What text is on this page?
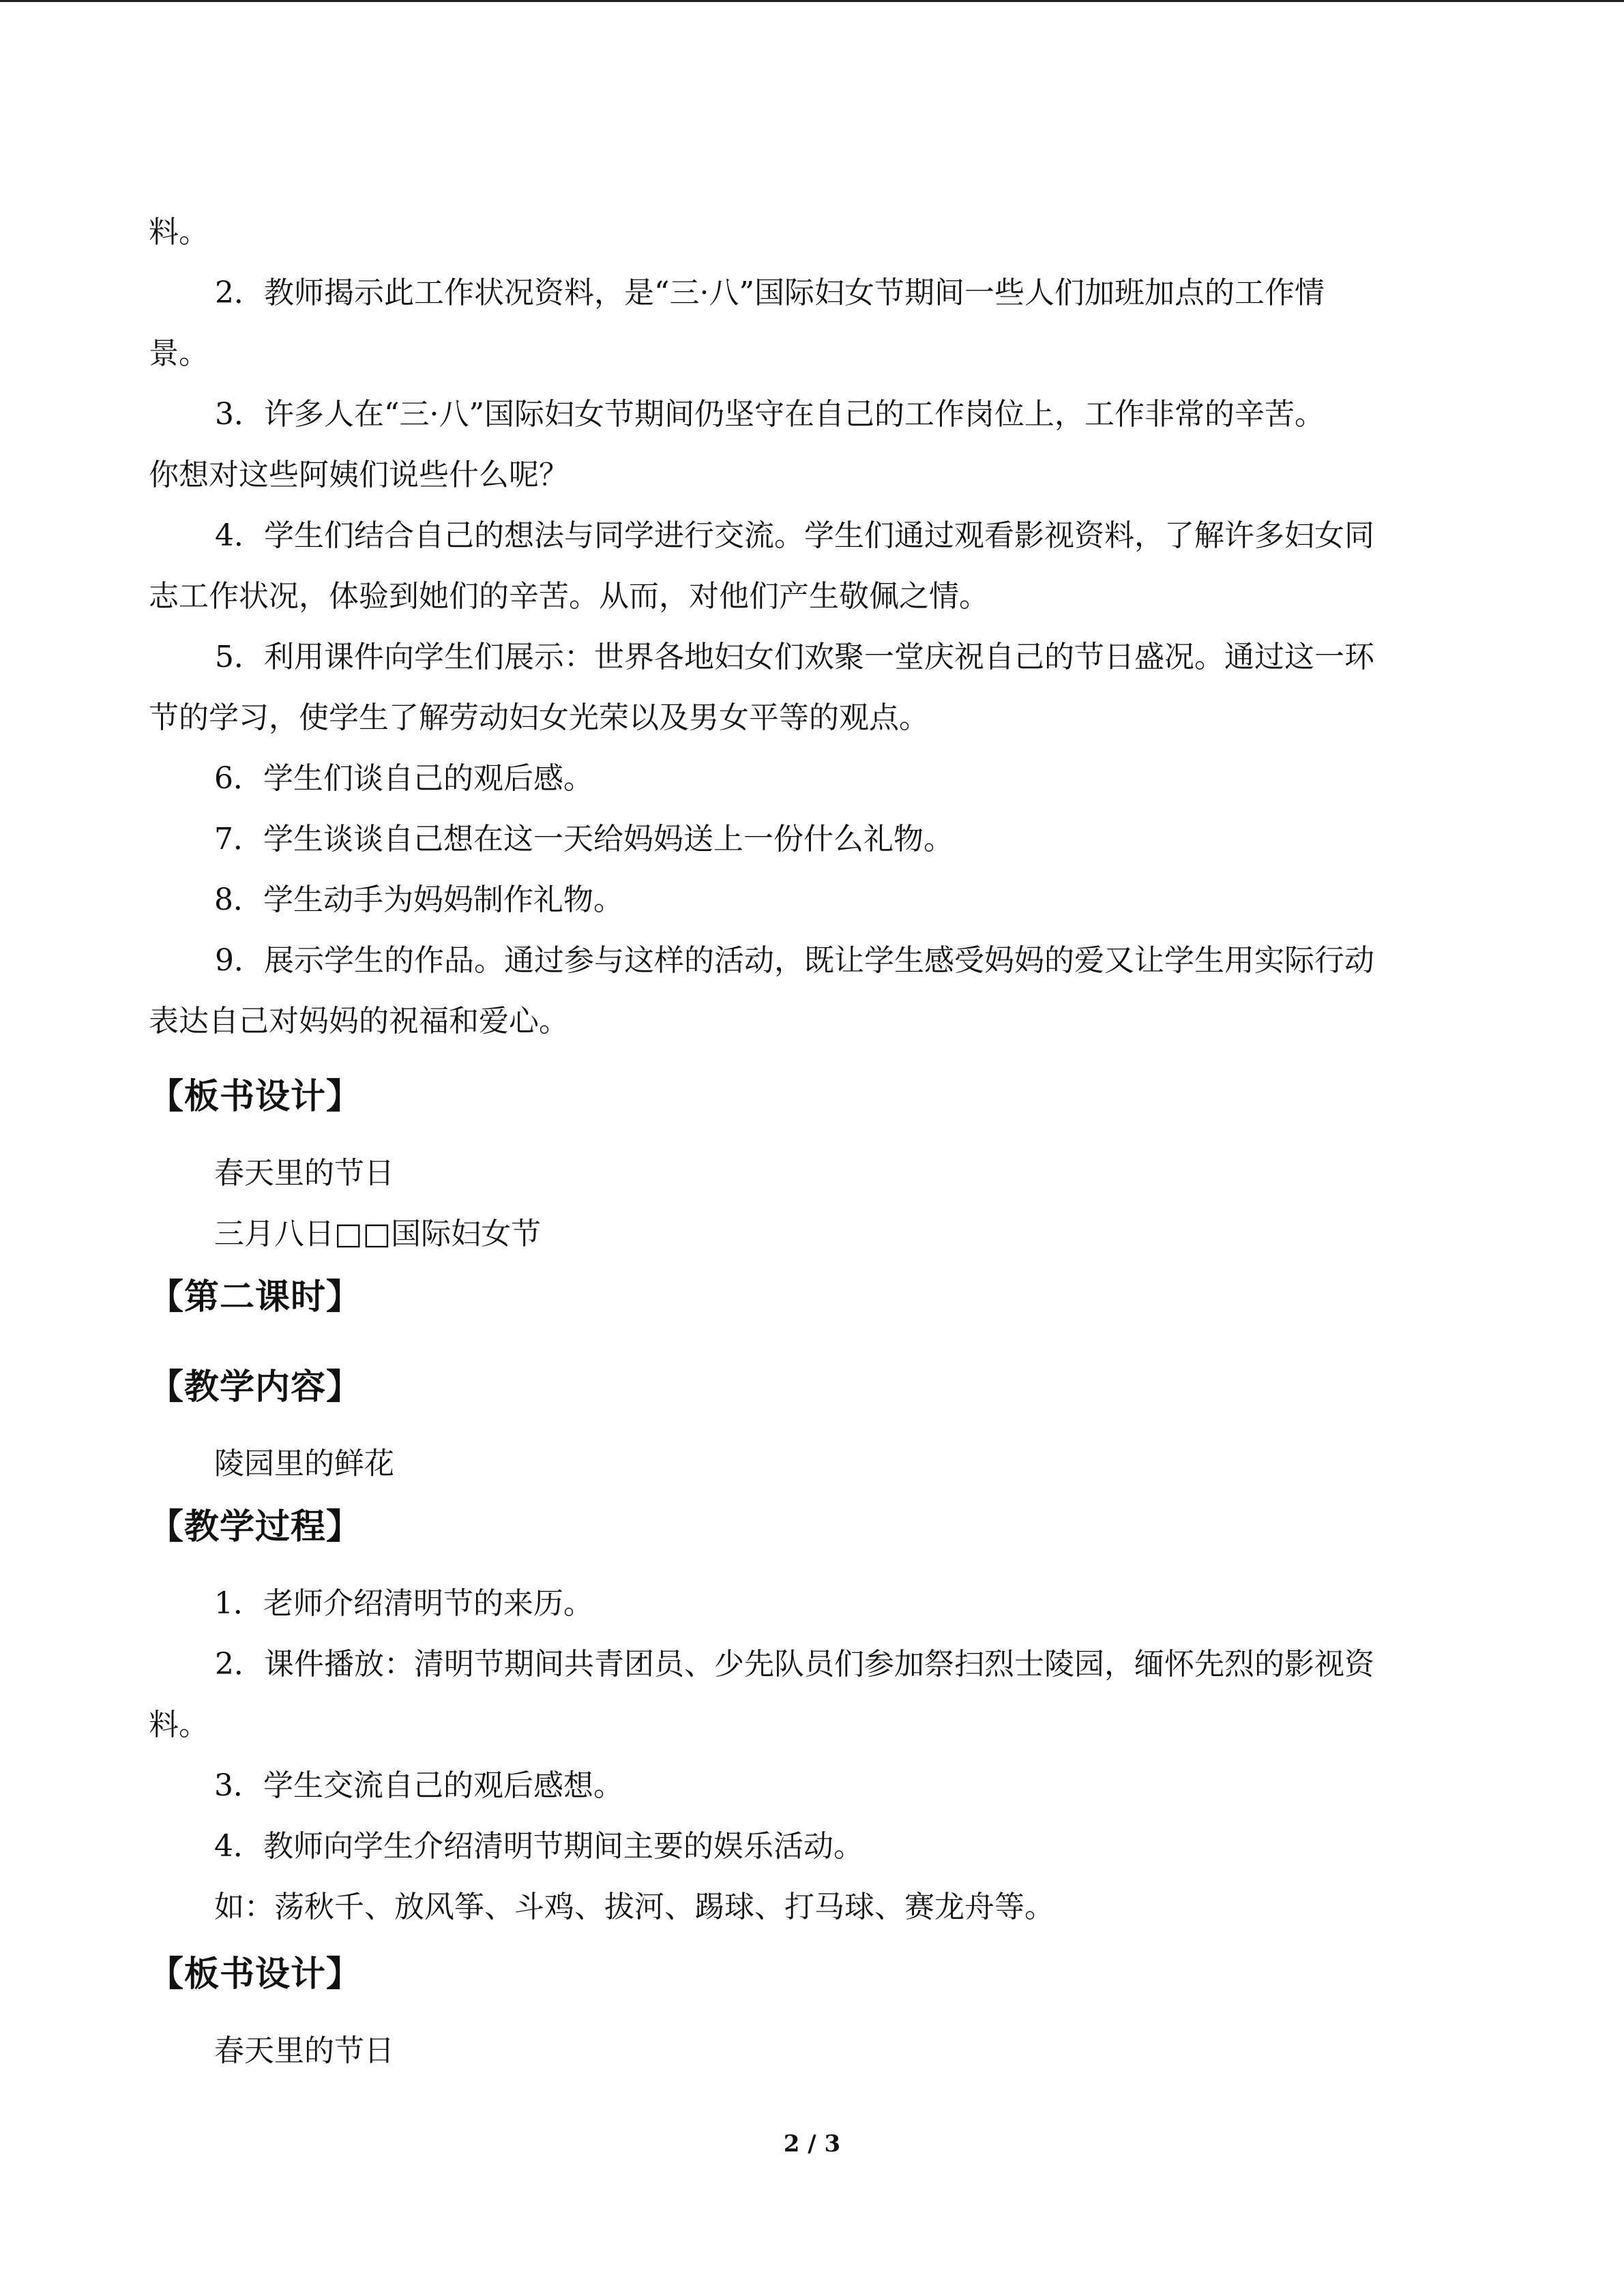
料。

2．教师揭示此工作状况资料，是“三·八”国际妇女节期间一些人们加班加点的工作情
景。

3．许多人在“三·八”国际妇女节期间仍坚守在自己的工作岗位上，工作非常的辛苦。
你想对这些阿姨们说些什么呢？

4．学生们结合自己的想法与同学进行交流。学生们通过观看影视资料，了解许多妇女同
志工作状况，体验到她们的辛苦。从而，对他们产生敬佩之情。

5．利用课件向学生们展示：世界各地妇女们欢聚一堂庆祝自己的节日盛况。通过这一环
节的学习，使学生了解劳动妇女光荣以及男女平等的观点。

6．学生们谈自己的观后感。

7．学生谈谈自己想在这一天给妈妈送上一份什么礼物。

8．学生动手为妈妈制作礼物。

9．展示学生的作品。通过参与这样的活动，既让学生感受妈妈的爱又让学生用实际行动
表达自己对妈妈的祝福和爱心。

【板书设计】

春天里的节日

三月八日□□国际妇女节

【第二课时】

【教学内容】

陵园里的鲜花

【教学过程】

1．老师介绍清明节的来历。

2．课件播放：清明节期间共青团员、少先队员们参加祭扫烈士陵园，缅怀先烈的影视资
料。

3．学生交流自己的观后感想。

4．教师向学生介绍清明节期间主要的娱乐活动。

如：荡秋千、放风筝、斗鸡、拔河、踢球、打马球、赛龙舟等。

【板书设计】

春天里的节日

2 / 3
